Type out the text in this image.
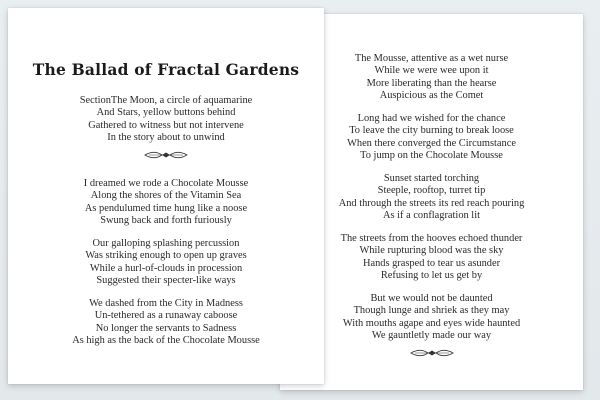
The Ballad of Fractal Gardens
SectionThe Moon, a circle of aquamarine
And Stars, yellow buttons behind
Gathered to witness but not intervene
In the story about to unwind
I dreamed we rode a Chocolate Mousse
Along the shores of the Vitamin Sea
As pendulumed time hung like a noose
Swung back and forth furiously
Our galloping splashing percussion
Was striking enough to open up graves
While a hurl-of-clouds in procession
Suggested their specter-like ways
We dashed from the City in Madness
Un-tethered as a runaway caboose
No longer the servants to Sadness
As high as the back of the Chocolate Mousse
The Mousse, attentive as a wet nurse
While we were wee upon it
More liberating than the hearse
Auspicious as the Comet
Long had we wished for the chance
To leave the city burning to break loose
When there converged the Circumstance
To jump on the Chocolate Mousse
Sunset started torching
Steeple, rooftop, turret tip
And through the streets its red reach pouring
As if a conflagration lit
The streets from the hooves echoed thunder
While rupturing blood was the sky
Hands grasped to tear us asunder
Refusing to let us get by
But we would not be daunted
Though lunge and shriek as they may
With mouths agape and eyes wide haunted
We gauntletly made our way
